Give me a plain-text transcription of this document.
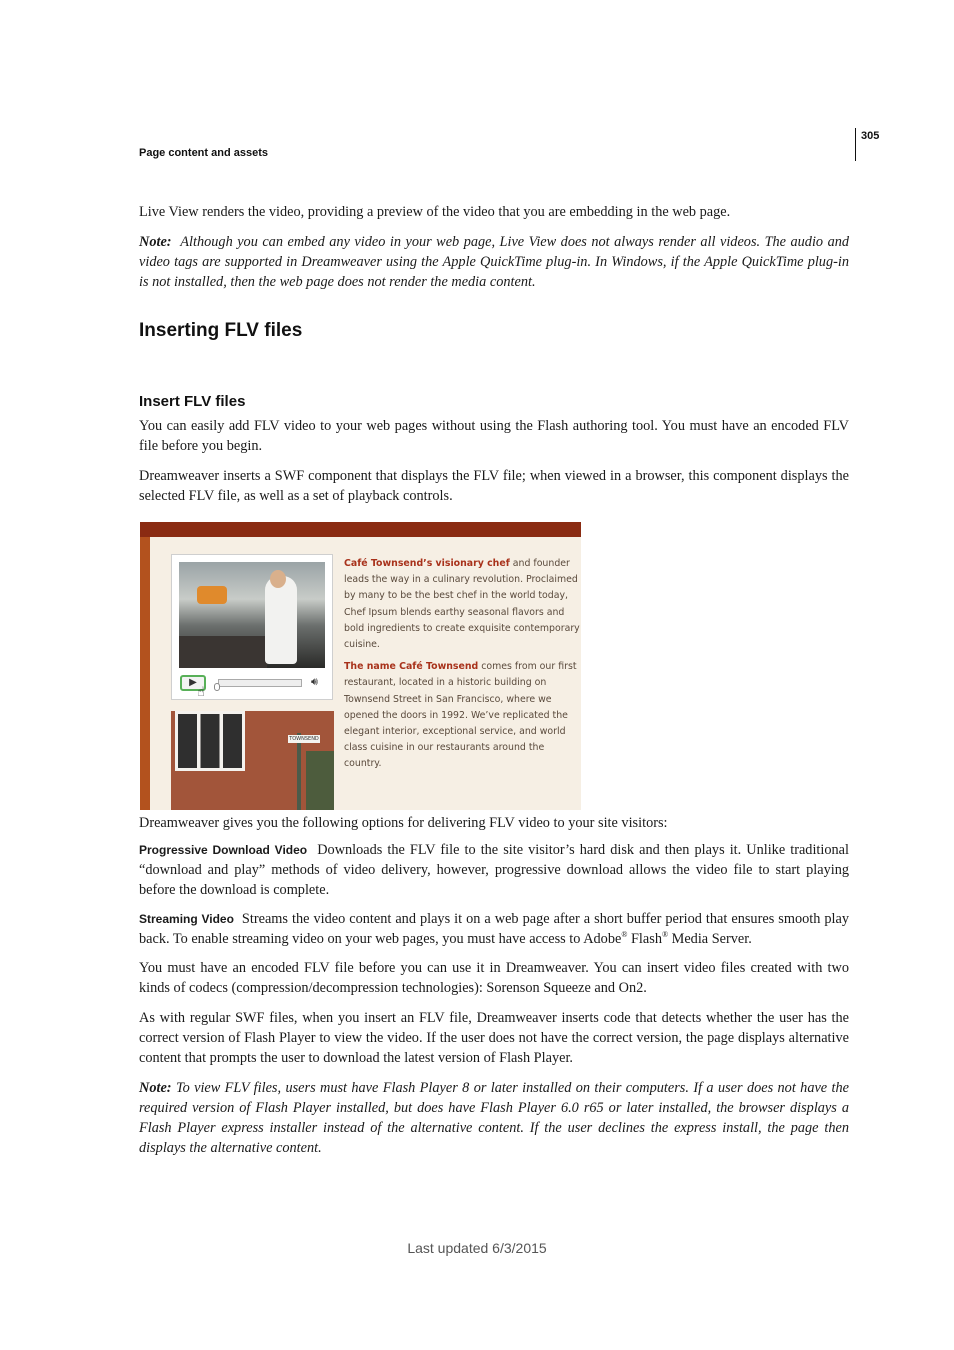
Page content and assets
305
Live View renders the video, providing a preview of the video that you are embedding in the web page.
Note: Although you can embed any video in your web page, Live View does not always render all videos. The audio and video tags are supported in Dreamweaver using the Apple QuickTime plug-in. In Windows, if the Apple QuickTime plug-in is not installed, then the web page does not render the media content.
Inserting FLV files
Insert FLV files
You can easily add FLV video to your web pages without using the Flash authoring tool. You must have an encoded FLV file before you begin.
Dreamweaver inserts a SWF component that displays the FLV file; when viewed in a browser, this component displays the selected FLV file, as well as a set of playback controls.
▶	🔊︎
☝
TOWNSEND

Café Townsend’s visionary chef and founder leads the way in a culinary revolution. Proclaimed by many to be the best chef in the world today, Chef Ipsum blends earthy seasonal flavors and bold ingredients to create exquisite contemporary cuisine.

The name Café Townsend comes from our first restaurant, located in a historic building on Townsend Street in San Francisco, where we opened the doors in 1992. We’ve replicated the elegant interior, exceptional service, and world class cuisine in our restaurants around the country.

Dreamweaver gives you the following options for delivering FLV video to your site visitors:
Progressive Download Video Downloads the FLV file to the site visitor’s hard disk and then plays it. Unlike traditional “download and play” methods of video delivery, however, progressive download allows the video file to start playing before the download is complete.
Streaming Video Streams the video content and plays it on a web page after a short buffer period that ensures smooth play back. To enable streaming video on your web pages, you must have access to Adobe® Flash® Media Server.
You must have an encoded FLV file before you can use it in Dreamweaver. You can insert video files created with two kinds of codecs (compression/decompression technologies): Sorenson Squeeze and On2.
As with regular SWF files, when you insert an FLV file, Dreamweaver inserts code that detects whether the user has the correct version of Flash Player to view the video. If the user does not have the correct version, the page displays alternative content that prompts the user to download the latest version of Flash Player.
Note: To view FLV files, users must have Flash Player 8 or later installed on their computers. If a user does not have the required version of Flash Player installed, but does have Flash Player 6.0 r65 or later installed, the browser displays a Flash Player express installer instead of the alternative content. If the user declines the express install, the page then displays the alternative content.
Last updated 6/3/2015
